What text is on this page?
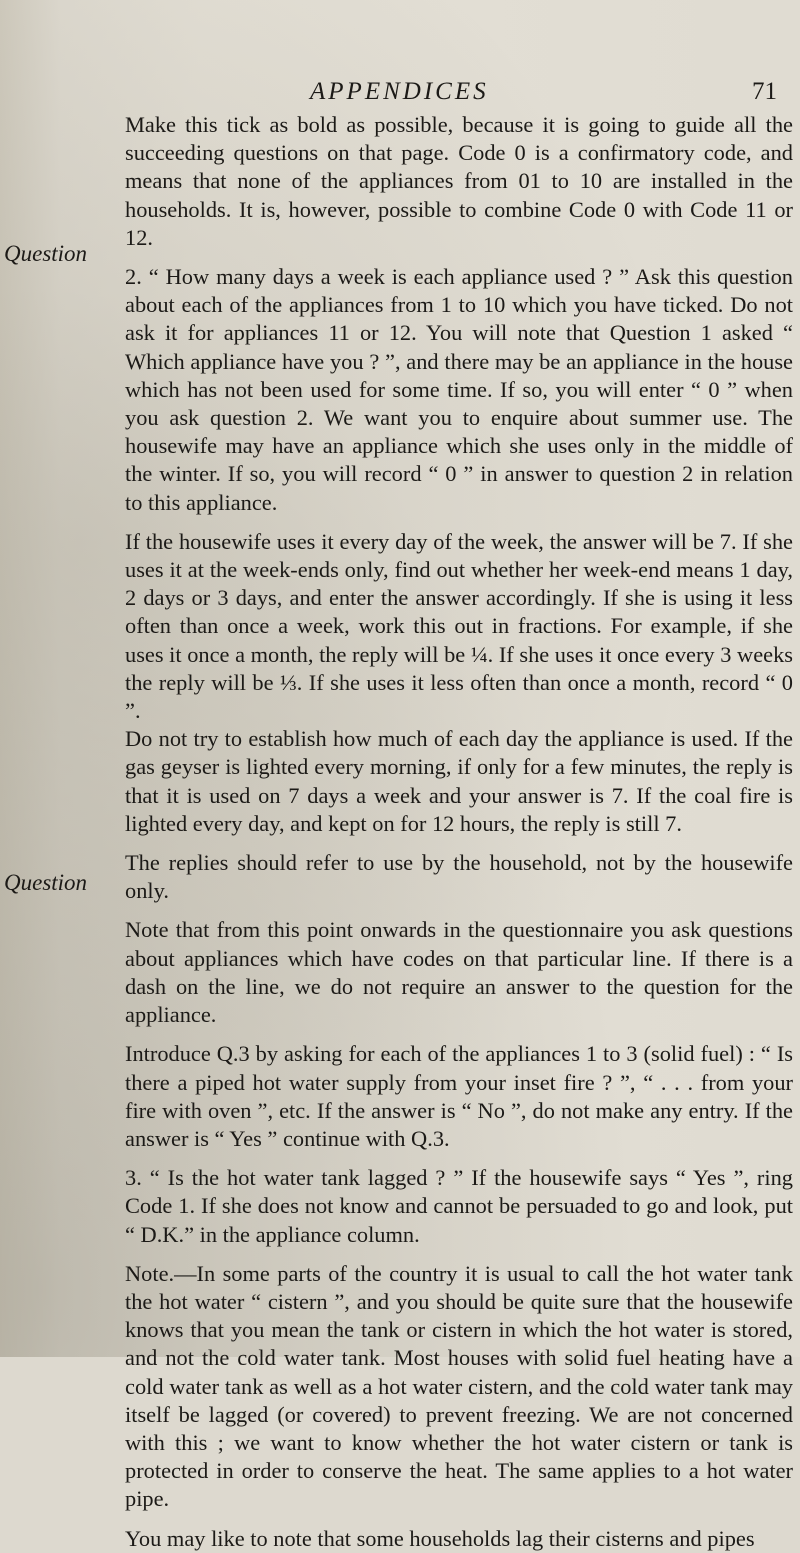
APPENDICES	71
Question
Question

Make this tick as bold as possible, because it is going to guide all the succeeding questions on that page. Code 0 is a confirmatory code, and means that none of the appliances from 01 to 10 are installed in the households. It is, however, possible to combine Code 0 with Code 11 or 12.

2. “ How many days a week is each appliance used ? ” Ask this question about each of the appliances from 1 to 10 which you have ticked. Do not ask it for appliances 11 or 12. You will note that Question 1 asked “ Which appliance have you ? ”, and there may be an appliance in the house which has not been used for some time. If so, you will enter “ 0 ” when you ask question 2. We want you to enquire about summer use. The housewife may have an appliance which she uses only in the middle of the winter. If so, you will record “ 0 ” in answer to question 2 in relation to this appliance.

If the housewife uses it every day of the week, the answer will be 7. If she uses it at the week-ends only, find out whether her week-end means 1 day, 2 days or 3 days, and enter the answer accordingly. If she is using it less often than once a week, work this out in fractions. For example, if she uses it once a month, the reply will be ¼. If she uses it once every 3 weeks the reply will be ⅓. If she uses it less often than once a month, record “ 0 ”.

Do not try to establish how much of each day the appliance is used. If the gas geyser is lighted every morning, if only for a few minutes, the reply is that it is used on 7 days a week and your answer is 7. If the coal fire is lighted every day, and kept on for 12 hours, the reply is still 7.

The replies should refer to use by the household, not by the housewife only.

Note that from this point onwards in the questionnaire you ask questions about appliances which have codes on that particular line. If there is a dash on the line, we do not require an answer to the question for the appliance.

Introduce Q.3 by asking for each of the appliances 1 to 3 (solid fuel) : “ Is there a piped hot water supply from your inset fire ? ”, “ . . . from your fire with oven ”, etc. If the answer is “ No ”, do not make any entry. If the answer is “ Yes ” continue with Q.3.

3. “ Is the hot water tank lagged ? ” If the housewife says “ Yes ”, ring Code 1. If she does not know and cannot be persuaded to go and look, put “ D.K.” in the appliance column.

Note.—In some parts of the country it is usual to call the hot water tank the hot water “ cistern ”, and you should be quite sure that the housewife knows that you mean the tank or cistern in which the hot water is stored, and not the cold water tank. Most houses with solid fuel heating have a cold water tank as well as a hot water cistern, and the cold water tank may itself be lagged (or covered) to prevent freezing. We are not concerned with this ; we want to know whether the hot water cistern or tank is protected in order to conserve the heat. The same applies to a hot water pipe.

You may like to note that some households lag their cisterns and pipes
